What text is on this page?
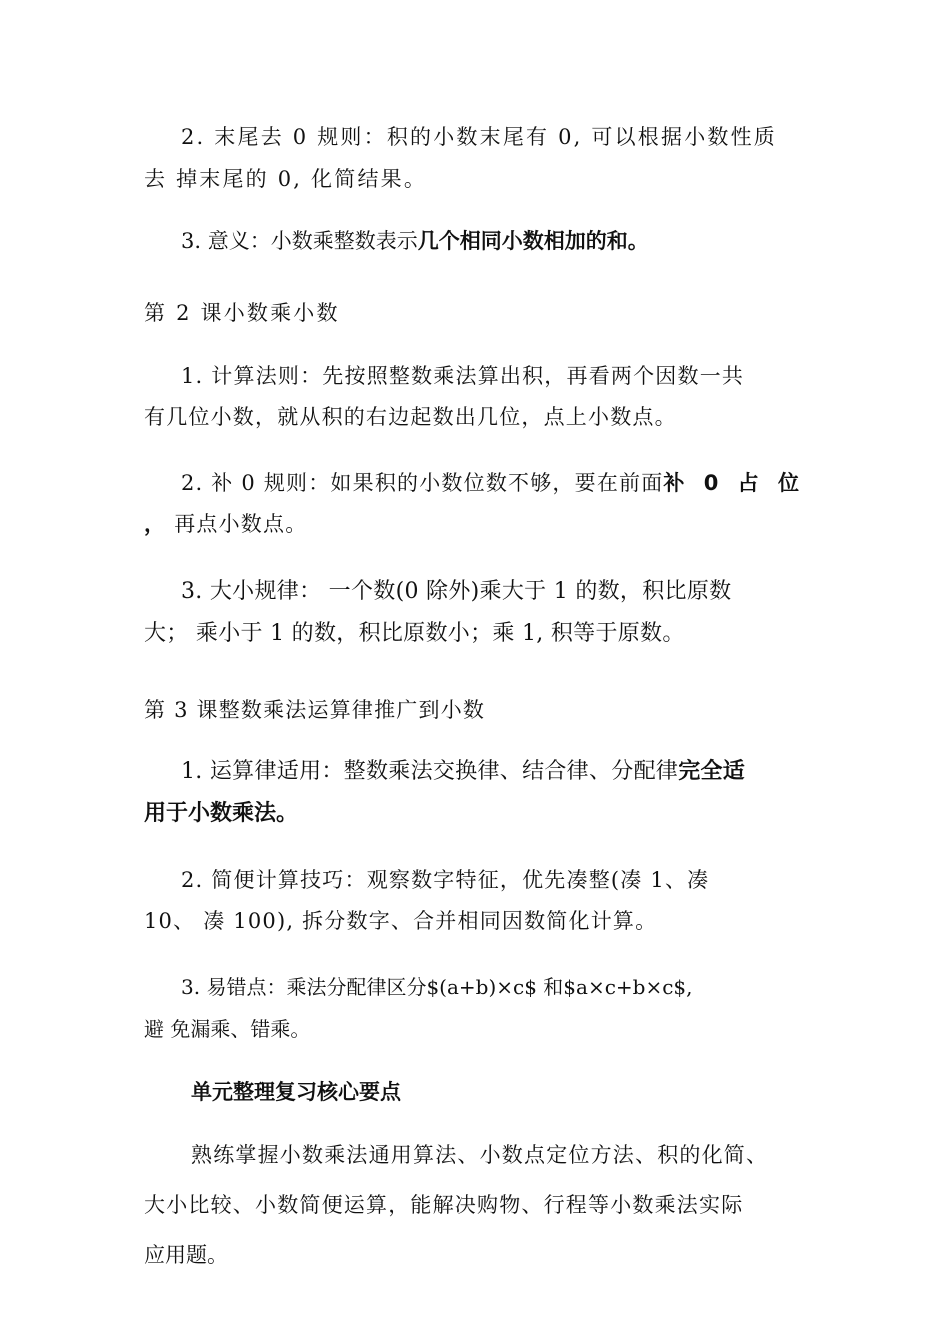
2. 末尾去 0 规则：积的小数末尾有 0, 可以根据小数性质
去 掉末尾的 0, 化简结果。
3. 意义：小数乘整数表示几个相同小数相加的和。
第 2 课小数乘小数
1. 计算法则：先按照整数乘法算出积，再看两个因数一共
有几位小数，就从积的右边起数出几位，点上小数点。
2. 补 0 规则：如果积的小数位数不够，要在前面补 0 占 位
， 再点小数点。
3. 大小规律： 一个数(0 除外)乘大于 1 的数，积比原数
大； 乘小于 1 的数，积比原数小；乘 1, 积等于原数。
第 3 课整数乘法运算律推广到小数
1. 运算律适用：整数乘法交换律、结合律、分配律完全适
用于小数乘法。
2. 简便计算技巧：观察数字特征，优先凑整(凑 1、凑
10、 凑 100), 拆分数字、合并相同因数简化计算。
3. 易错点：乘法分配律区分$(a+b)×c$ 和$a×c+b×c$,
避 免漏乘、错乘。
单元整理复习核心要点
熟练掌握小数乘法通用算法、小数点定位方法、积的化简、
大小比较、小数简便运算，能解决购物、行程等小数乘法实际
应用题。
